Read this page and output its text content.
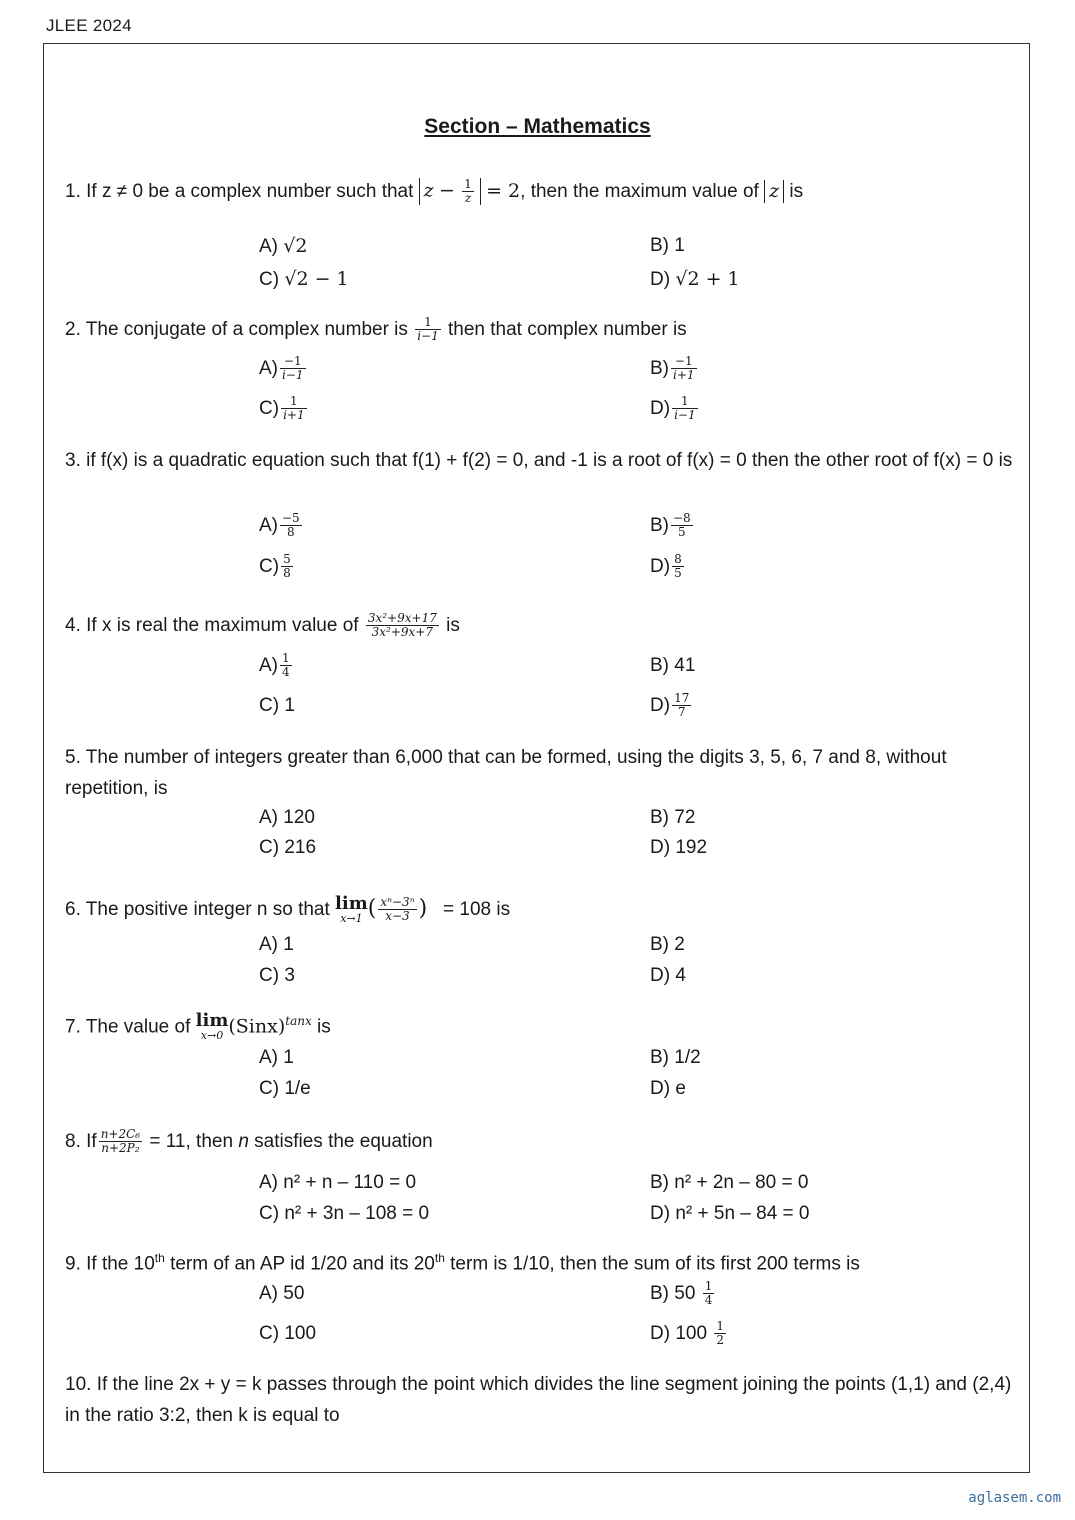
JLEE 2024
Section – Mathematics
1. If z ≠ 0 be a complex number such that $z - \frac{1}{z} = 2$, then the maximum value of z is
A) √2	B) 1
C) √2 − 1	D) √2 + 1
2. The conjugate of a complex number is $\frac{1}{i-1}$ then that complex number is
$A) \frac{-1}{i-1}$	$B) \frac{-1}{i+1}$
$C) \frac{1}{i+1}$	$D) \frac{1}{i-1}$
3. if f(x) is a quadratic equation such that f(1) + f(2) = 0, and -1 is a root of f(x) = 0 then the other root of f(x) = 0 is
$A) \frac{-5}{8}$	$B) \frac{-8}{5}$
$C) \frac{5}{8}$	$D) \frac{8}{5}$
4. If x is real the maximum value of $\frac{\text{3x²+9x+17}}{\text{3x²+9x+7}}$ is
$A) \frac{1}{4}$	B) 41
C) 1	$D) \frac{17}{7}$
5. The number of integers greater than 6,000 that can be formed, using the digits 3, 5, 6, 7 and 8, without repetition, is
A) 120	B) 72
C) 216	D) 192
6. The positive integer n so that lim
x→1 ( $\frac{\text{xⁿ−3ⁿ}}{x-3}$ ) = 108 is
A) 1	B) 2
C) 3	D) 4
7. The value of lim
x→0 (Sinx)$^{tanx}$ is
A) 1	B) 1/2
C) 1/e	D) e
8. If $\frac{\text{n+2C₆}}{\text{n+2P₂}} = 11$, then n satisfies the equation
A) n² + n – 110 = 0	B) n² + 2n – 80 = 0
C) n² + 3n – 108 = 0	D) n² + 5n – 84 = 0
9. If the 10th term of an AP id 1/20 and its 20th term is 1/10, then the sum of its first 200 terms is
A) 50	B) $50 \frac{1}{4}$
C) 100	D) $100 \frac{1}{2}$
10. If the line 2x + y = k passes through the point which divides the line segment joining the points (1,1) and (2,4) in the ratio 3:2, then k is equal to
aglasem.com
